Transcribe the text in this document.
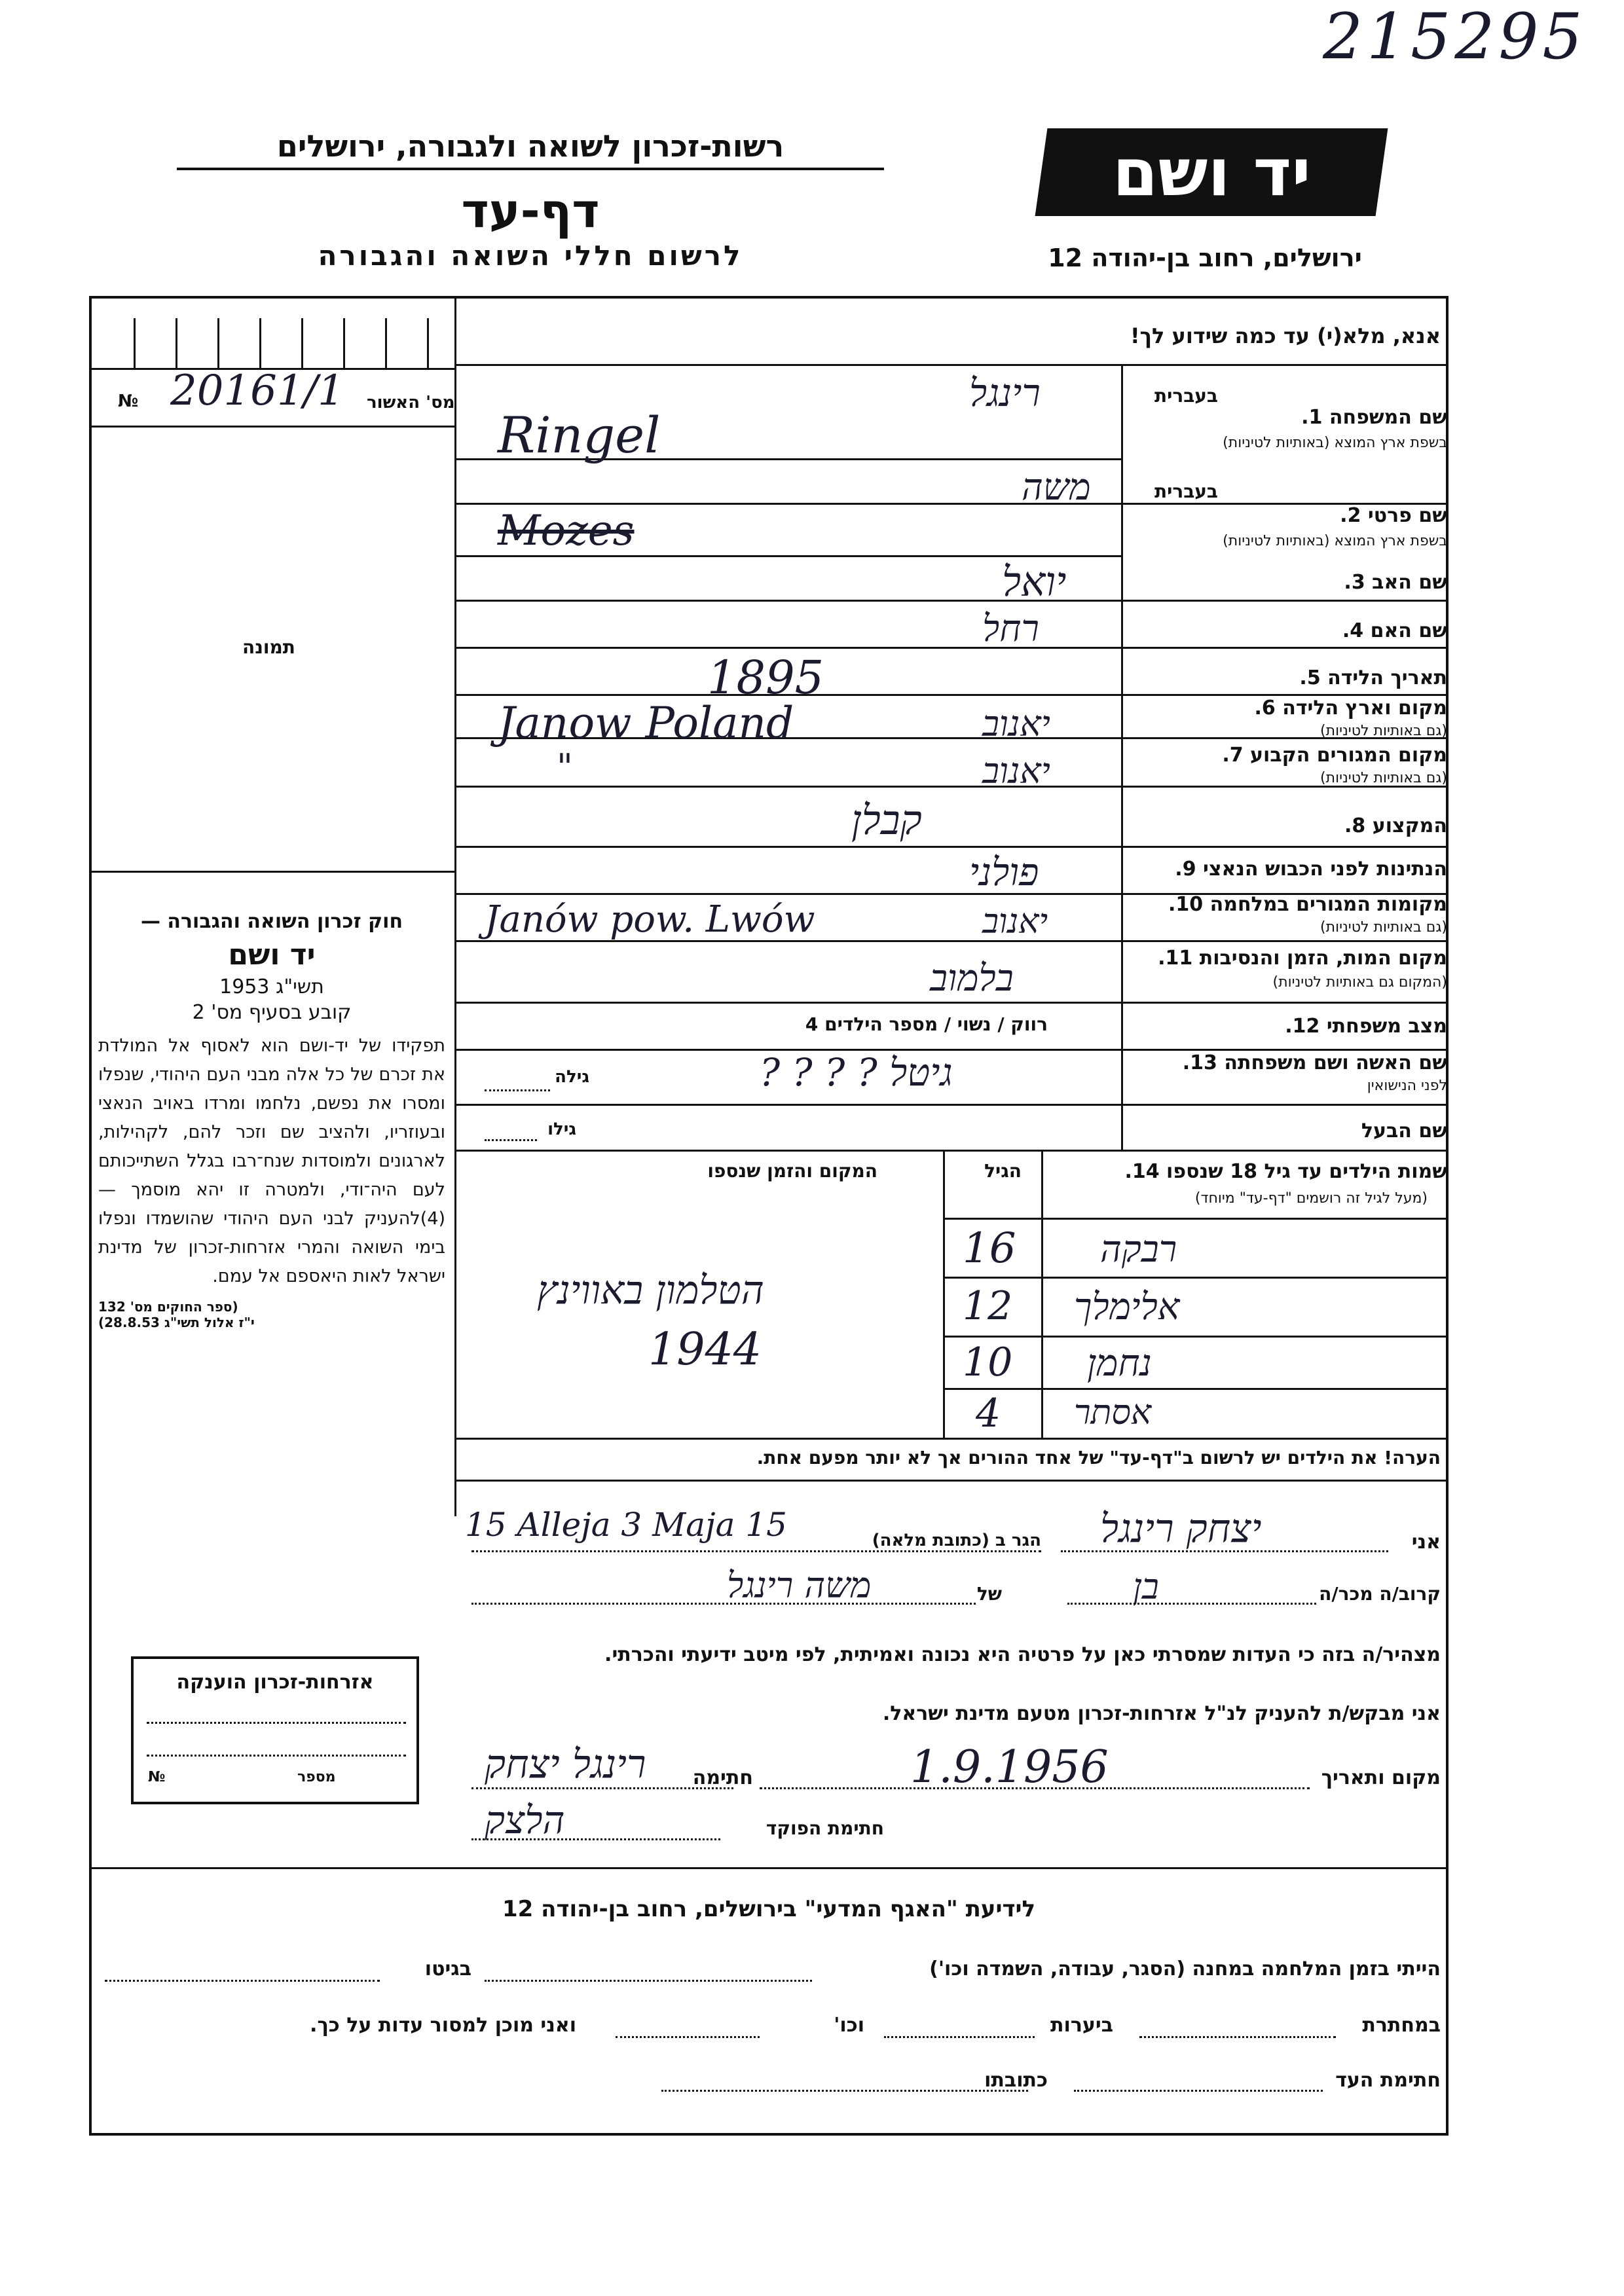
215295
רשות-זכרון לשואה ולגבורה, ירושלים
דף-עד
לרשום חללי השואה והגבורה
יד ושם
ירושלים, רחוב בן-יהודה 12
מס' האשור
№ 20161/1
תמונה
אנא, מלא(י) עד כמה שידוע לך!
שם המשפחה 1.
בשפת ארץ המוצא (באותיות לטיניות)
בעברית
רינגל
Ringel
שם פרטי 2.
בשפת ארץ המוצא (באותיות לטיניות)
בעברית
משה
Mozes
שם האב 3.
יואל
שם האם 4.
רחל
תאריך הלידה 5.
1895
מקום וארץ הלידה 6.
(גם באותיות לטיניות)
Janow Poland	יאנוב
מקום המגורים הקבוע 7.
(גם באותיות לטיניות)
"	יאנוב
המקצוע 8.
קבלן
הנתינות לפני הכבוש הנאצי 9.
פולני
מקומות המגורים במלחמה 10.
(גם באותיות לטיניות)
Janów pow. Lwów	יאנוב
מקום המות, הזמן והנסיבות 11.
(המקום גם באותיות לטיניות)
בלמוב
מצב משפחתי 12.
רווק / נשוי / מספר הילדים 4
שם האשה ושם משפחתה 13.
לפני הנישואין
גיטל ? ? ? ?
גילה
שם הבעל
גילו
שמות הילדים עד גיל 18 שנספו 14.
(מעל לגיל זה רושמים "דף-עד" מיוחד)
הגיל
המקום והזמן שנספו
רבקה
16
אלימלך
12
נחמן
10
אסתר
4
הטלמון באווינץ
1944
חוק זכרון השואה והגבורה —
יד ושם
תשי"ג 1953
קובע בסעיף מס' 2
תפקידו של יד-ושם הוא לאסוף אל המולדת את זכרם של כל אלה מבני העם היהודי, שנפלו ומסרו את נפשם, נלחמו ומרדו באויב הנאצי ובעוזריו, ולהציב שם וזכר להם, לקהילות, לארגונים ולמוסדות שנח־רבו בגלל השתייכותם לעם היה־ודי, ולמטרה זו יהא מוסמך — (4)להעניק לבני העם היהודי שהושמדו ונפלו בימי השואה והמרי אזרחות-זכרון של מדינת ישראל לאות היאספם אל עמם.
(ספר החוקים מס' 132
י"ז אלול תשי"ג 28.8.53)
הערה! את הילדים יש לרשום ב"דף-עד" של אחד ההורים אך לא יותר מפעם אחת.
אני
יצחק רינגל
הגר ב (כתובת מלאה)
15 Alleja 3 Maja 15
קרוב/ה מכר/ה
בן
של
משה רינגל
מצהיר/ה בזה כי העדות שמסרתי כאן על פרטיה היא נכונה ואמיתית, לפי מיטב ידיעתי והכרתי.
אני מבקש/ת להעניק לנ"ל אזרחות-זכרון מטעם מדינת ישראל.
מקום ותאריך
1.9.1956
חתימה
רינגל יצחק
חתימת הפוקד
הלצק
אזרחות-זכרון הוענקה
מספר
№
לידיעת "האגף המדעי" בירושלים, רחוב בן-יהודה 12
הייתי בזמן המלחמה במחנה (הסגר, עבודה, השמדה וכו')
בגיטו
במחתרת
ביערות
וכו'
ואני מוכן למסור עדות על כך.
חתימת העד
כתובתו
